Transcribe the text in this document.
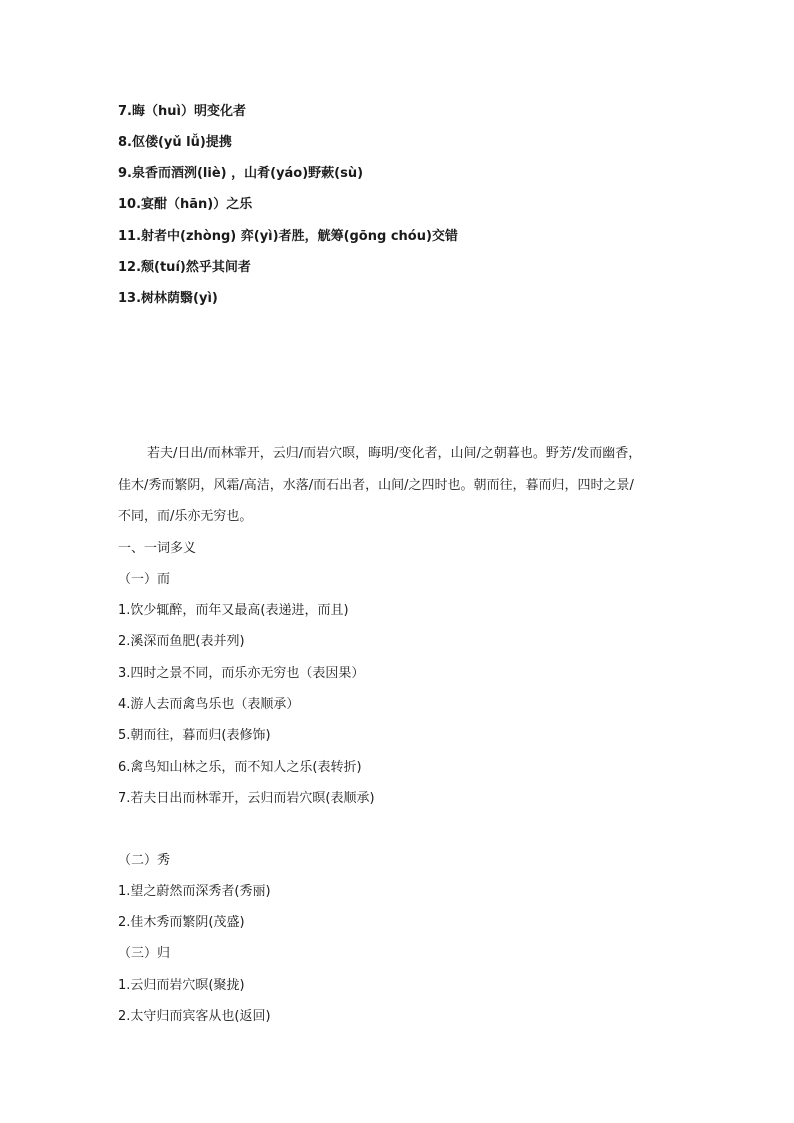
7.晦（huì）明变化者
8.伛偻(yǔ lǚ)提携
9.泉香而酒洌(liè) ，山肴(yáo)野蔌(sù)
10.宴酣（hān)）之乐
11.射者中(zhòng) 弈(yì)者胜，觥筹(gōng chóu)交错
12.颓(tuí)然乎其间者
13.树林荫翳(yì)
若夫/日出/而林霏开，云归/而岩穴暝，晦明/变化者，山间/之朝暮也。野芳/发而幽香，
佳木/秀而繁阴，风霜/高洁，水落/而石出者，山间/之四时也。朝而往，暮而归，四时之景/
不同，而/乐亦无穷也。
一、一词多义
（一）而
1.饮少辄醉，而年又最高(表递进，而且)
2.溪深而鱼肥(表并列)
3.四时之景不同，而乐亦无穷也（表因果）
4.游人去而禽鸟乐也（表顺承）
5.朝而往，暮而归(表修饰)
6.禽鸟知山林之乐，而不知人之乐(表转折)
7.若夫日出而林霏开，云归而岩穴暝(表顺承)
（二）秀
1.望之蔚然而深秀者(秀丽)
2.佳木秀而繁阴(茂盛)
（三）归
1.云归而岩穴暝(聚拢)
2.太守归而宾客从也(返回)
